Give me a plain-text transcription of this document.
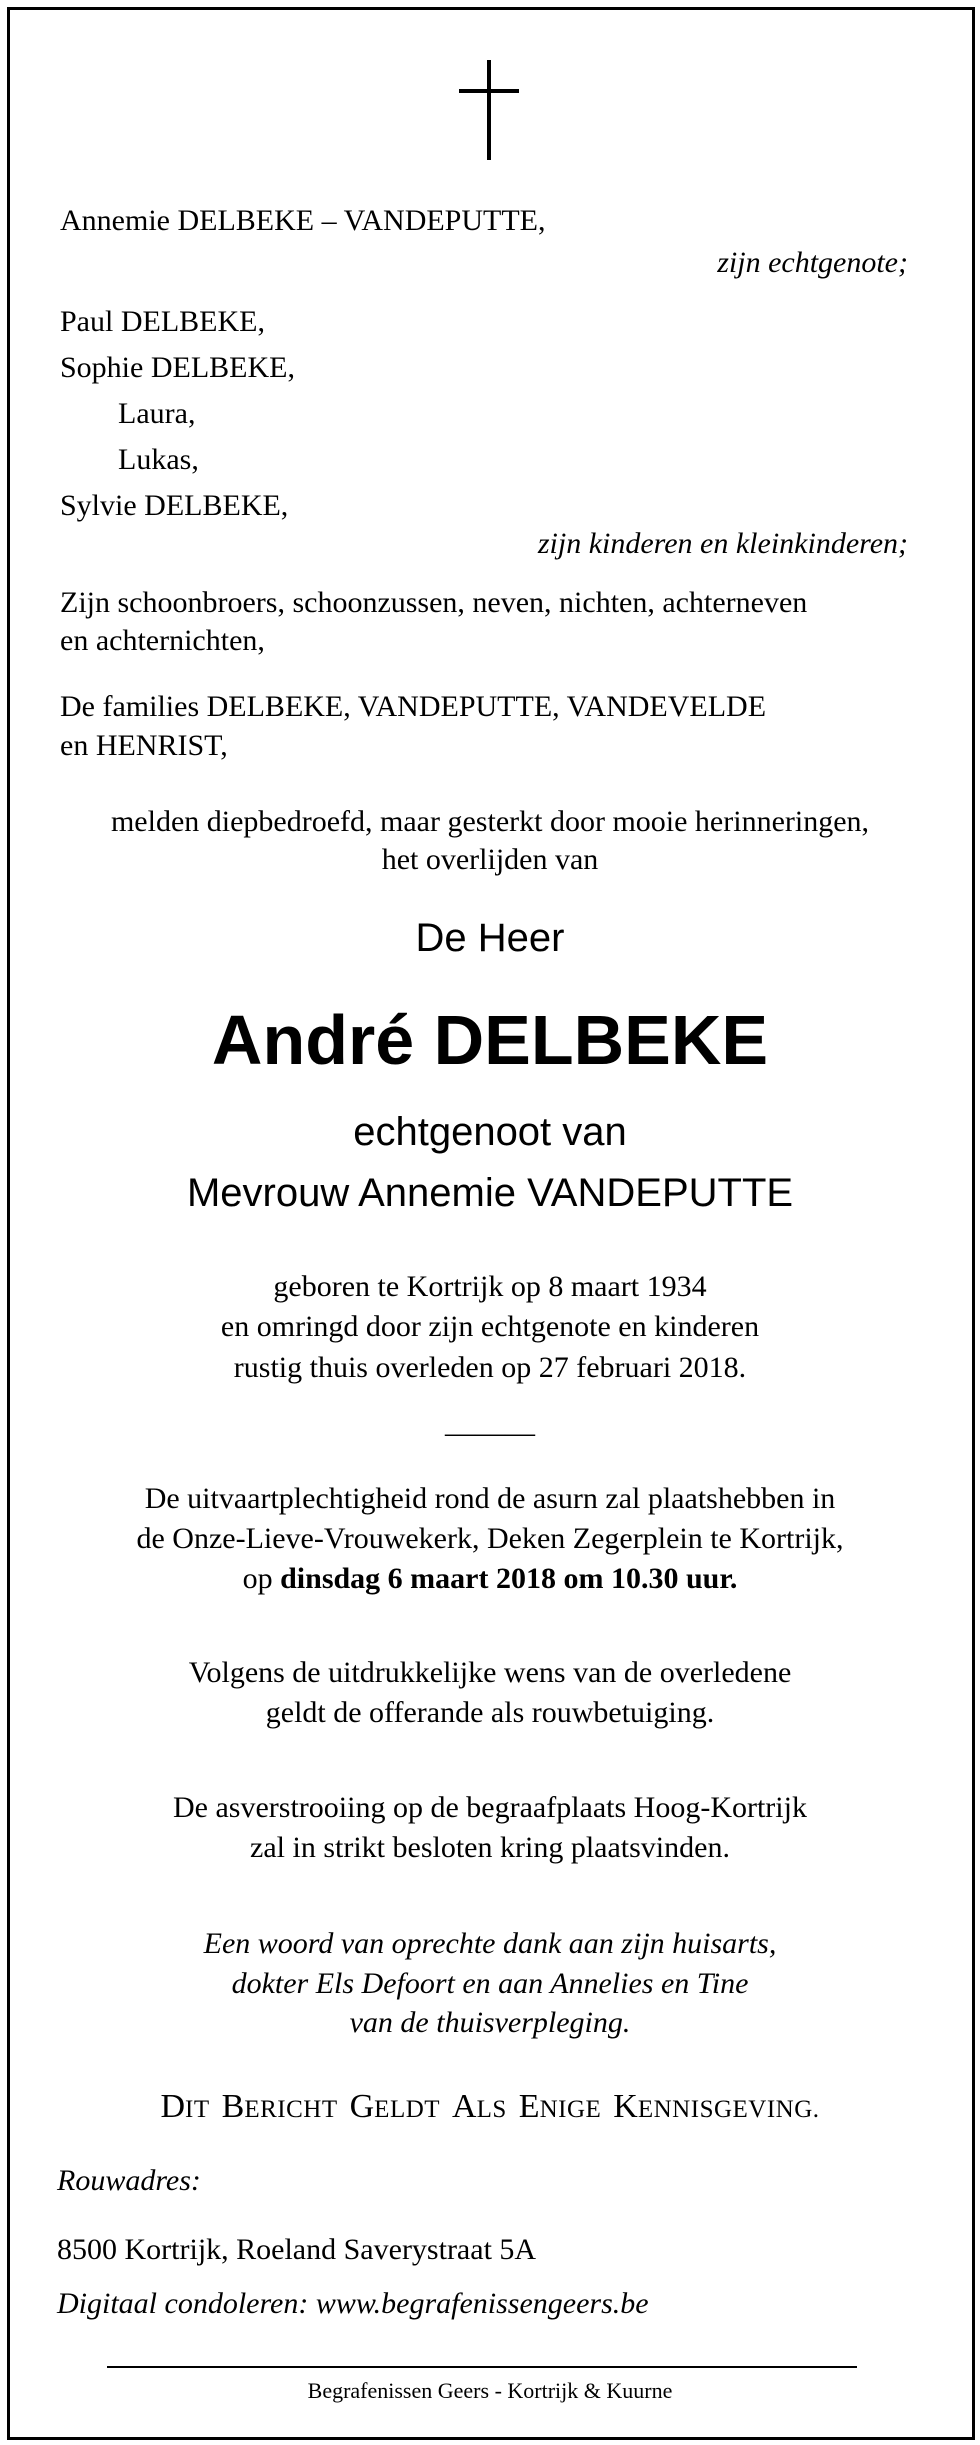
Annemie DELBEKE – VANDEPUTTE,
zijn echtgenote;
Paul DELBEKE,
Sophie DELBEKE,
Laura,
Lukas,
Sylvie DELBEKE,
zijn kinderen en kleinkinderen;
Zijn schoonbroers, schoonzussen, neven, nichten, achterneven
en achternichten,
De families DELBEKE, VANDEPUTTE, VANDEVELDE
en HENRIST,
melden diepbedroefd, maar gesterkt door mooie herinneringen,
het overlijden van
De Heer
André DELBEKE
echtgenoot van
Mevrouw Annemie VANDEPUTTE
geboren te Kortrijk op 8 maart 1934
en omringd door zijn echtgenote en kinderen
rustig thuis overleden op 27 februari 2018.
______
De uitvaartplechtigheid rond de asurn zal plaatshebben in
de Onze-Lieve-Vrouwekerk, Deken Zegerplein te Kortrijk,
op dinsdag 6 maart 2018 om 10.30 uur.
Volgens de uitdrukkelijke wens van de overledene
geldt de offerande als rouwbetuiging.
De asverstrooiing op de begraafplaats Hoog-Kortrijk
zal in strikt besloten kring plaatsvinden.
Een woord van oprechte dank aan zijn huisarts,
dokter Els Defoort en aan Annelies en Tine
van de thuisverpleging.
DIT BERICHT GELDT ALS ENIGE KENNISGEVING.
Rouwadres:
8500 Kortrijk, Roeland Saverystraat 5A
Digitaal condoleren: www.begrafenissengeers.be
Begrafenissen Geers - Kortrijk & Kuurne
